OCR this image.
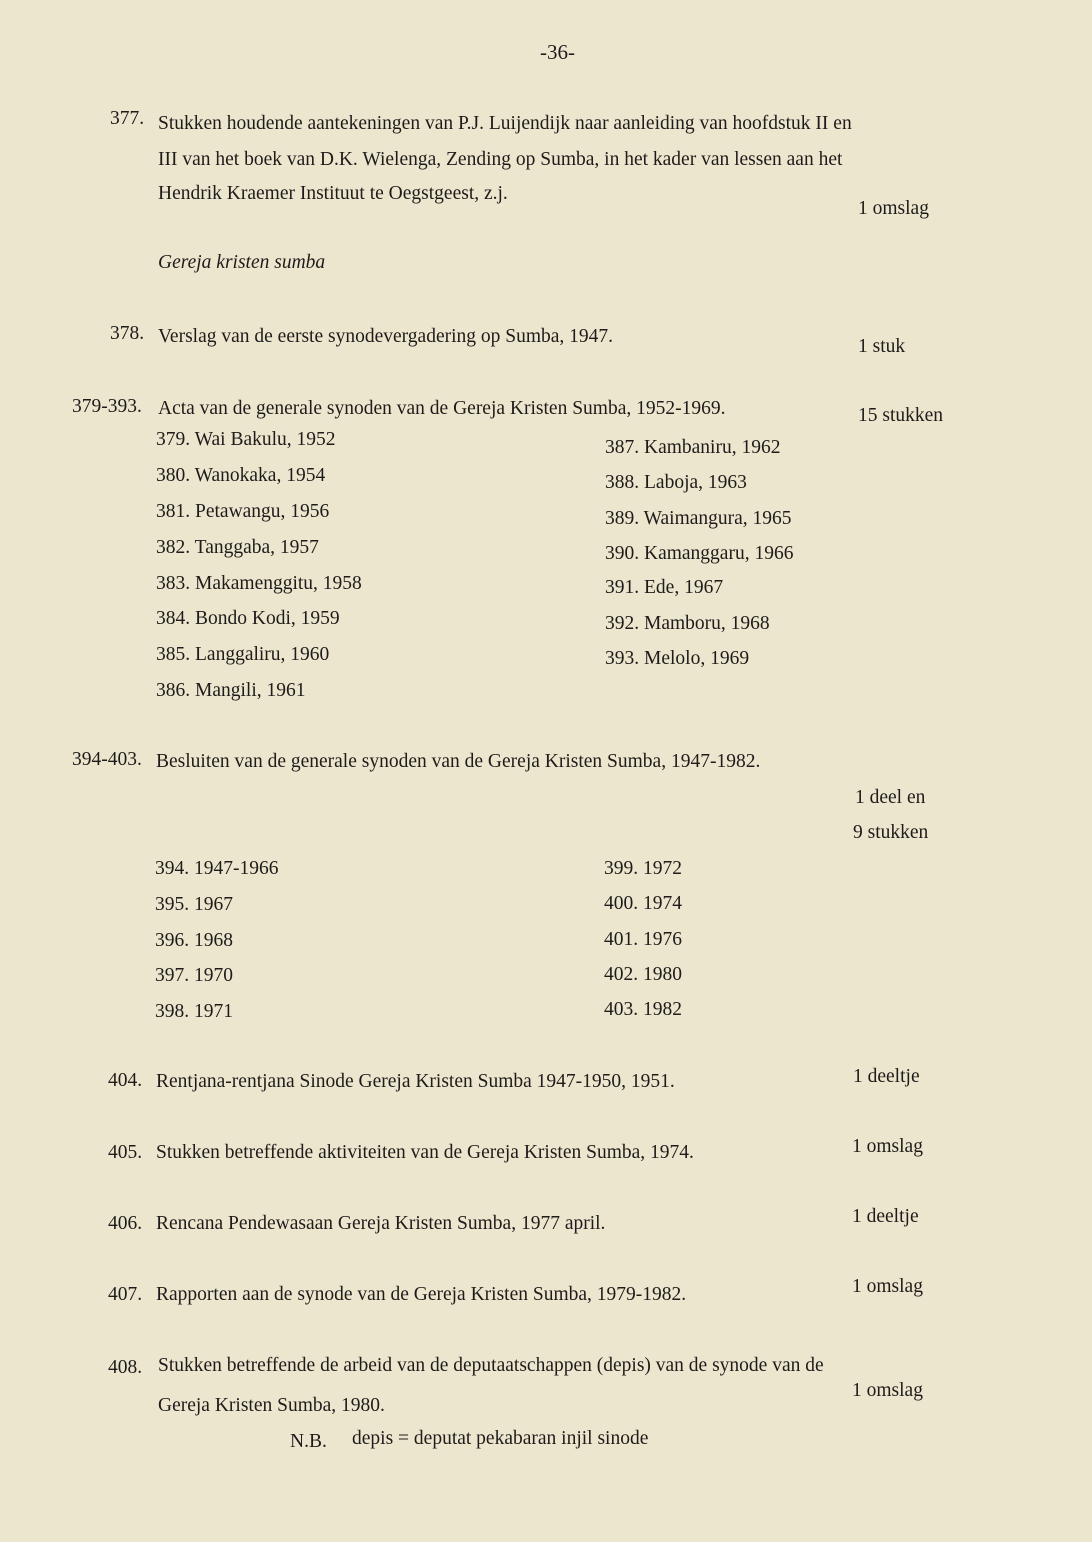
-36-
377. Stukken houdende aantekeningen van P.J. Luijendijk naar aanleiding van hoofdstuk II en
III van het boek van D.K. Wielenga, Zending op Sumba, in het kader van lessen aan het
Hendrik Kraemer Instituut te Oegstgeest, z.j.
1 omslag
Gereja kristen sumba
378. Verslag van de eerste synodevergadering op Sumba, 1947.	1 stuk
379-393. Acta van de generale synoden van de Gereja Kristen Sumba, 1952-1969.	15 stukken
379. Wai Bakulu, 1952
380. Wanokaka, 1954
381. Petawangu, 1956
382. Tanggaba, 1957
383. Makamenggitu, 1958
384. Bondo Kodi, 1959
385. Langgaliru, 1960
386. Mangili, 1961
387. Kambaniru, 1962
388. Laboja, 1963
389. Waimangura, 1965
390. Kamanggaru, 1966
391. Ede, 1967
392. Mamboru, 1968
393. Melolo, 1969
394-403. Besluiten van de generale synoden van de Gereja Kristen Sumba, 1947-1982.
1 deel en
9 stukken
394. 1947-1966
395. 1967
396. 1968
397. 1970
398. 1971
399. 1972
400. 1974
401. 1976
402. 1980
403. 1982
404. Rentjana-rentjana Sinode Gereja Kristen Sumba 1947-1950, 1951.	1 deeltje
405. Stukken betreffende aktiviteiten van de Gereja Kristen Sumba, 1974.	1 omslag
406. Rencana Pendewasaan Gereja Kristen Sumba, 1977 april.	1 deeltje
407. Rapporten aan de synode van de Gereja Kristen Sumba, 1979-1982.	1 omslag
408. Stukken betreffende de arbeid van de deputaatschappen (depis) van de synode van de
Gereja Kristen Sumba, 1980.
1 omslag
N.B. depis = deputat pekabaran injil sinode
